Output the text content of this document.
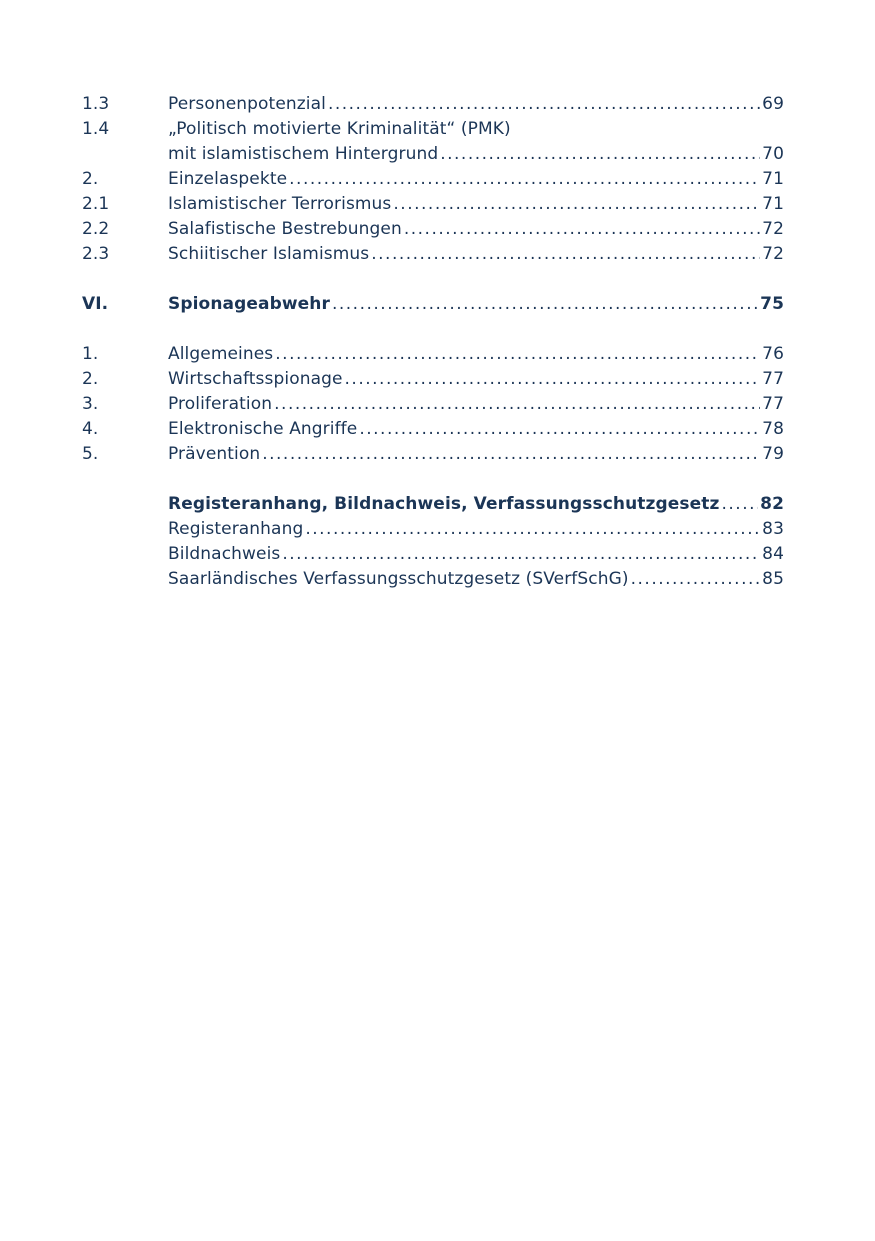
1.3	Personenpotenzial .....	69
1.4	„Politisch motivierte Kriminalität“ (PMK)
mit islamistischem Hintergrund .....	70
2.	Einzelaspekte .....	71
2.1	Islamistischer Terrorismus .....	71
2.2	Salafistische Bestrebungen .....	72
2.3	Schiitischer Islamismus .....	72
VI.	Spionageabwehr .....	75
1.	Allgemeines .....	76
2.	Wirtschaftsspionage .....	77
3.	Proliferation .....	77
4.	Elektronische Angriffe .....	78
5.	Prävention .....	79
Registeranhang, Bildnachweis, Verfassungsschutzgesetz ..... 82
Registeranhang .....	83
Bildnachweis .....	84
Saarländisches Verfassungsschutzgesetz (SVerfSchG) .....	85
